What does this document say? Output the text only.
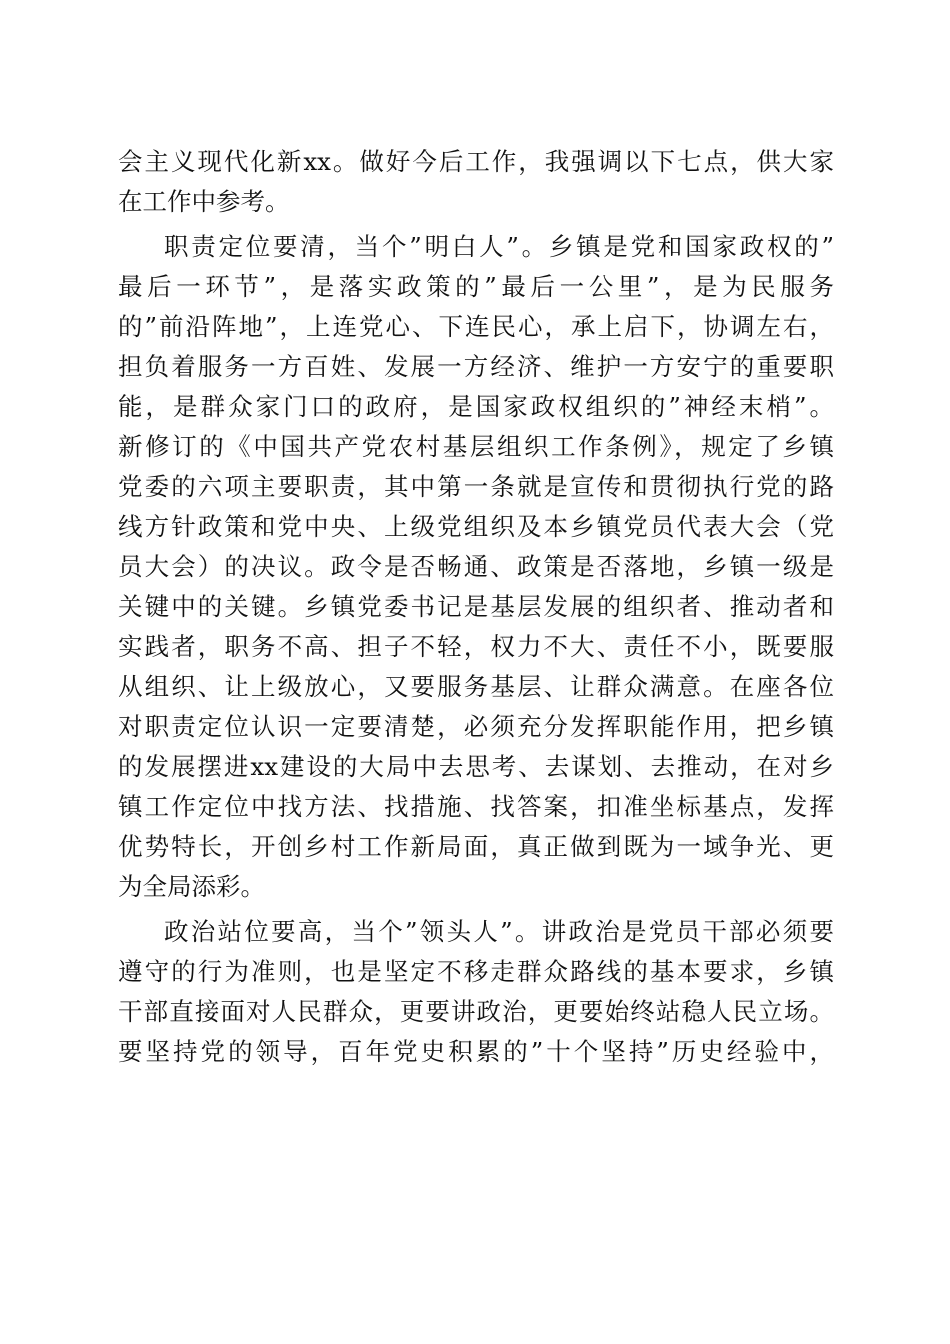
会主义现代化新xx。做好今后工作，我强调以下七点，供大家
在工作中参考。
职责定位要清，当个”明白人”。乡镇是党和国家政权的”
最后一环节”，是落实政策的”最后一公里”，是为民服务
的”前沿阵地”，上连党心、下连民心，承上启下，协调左右，
担负着服务一方百姓、发展一方经济、维护一方安宁的重要职
能，是群众家门口的政府，是国家政权组织的”神经末梢”。
新修订的《中国共产党农村基层组织工作条例》，规定了乡镇
党委的六项主要职责，其中第一条就是宣传和贯彻执行党的路
线方针政策和党中央、上级党组织及本乡镇党员代表大会（党
员大会）的决议。政令是否畅通、政策是否落地，乡镇一级是
关键中的关键。乡镇党委书记是基层发展的组织者、推动者和
实践者，职务不高、担子不轻，权力不大、责任不小，既要服
从组织、让上级放心，又要服务基层、让群众满意。在座各位
对职责定位认识一定要清楚，必须充分发挥职能作用，把乡镇
的发展摆进xx建设的大局中去思考、去谋划、去推动，在对乡
镇工作定位中找方法、找措施、找答案，扣准坐标基点，发挥
优势特长，开创乡村工作新局面，真正做到既为一域争光、更
为全局添彩。
政治站位要高，当个”领头人”。讲政治是党员干部必须要
遵守的行为准则，也是坚定不移走群众路线的基本要求，乡镇
干部直接面对人民群众，更要讲政治，更要始终站稳人民立场。
要坚持党的领导，百年党史积累的”十个坚持”历史经验中，
